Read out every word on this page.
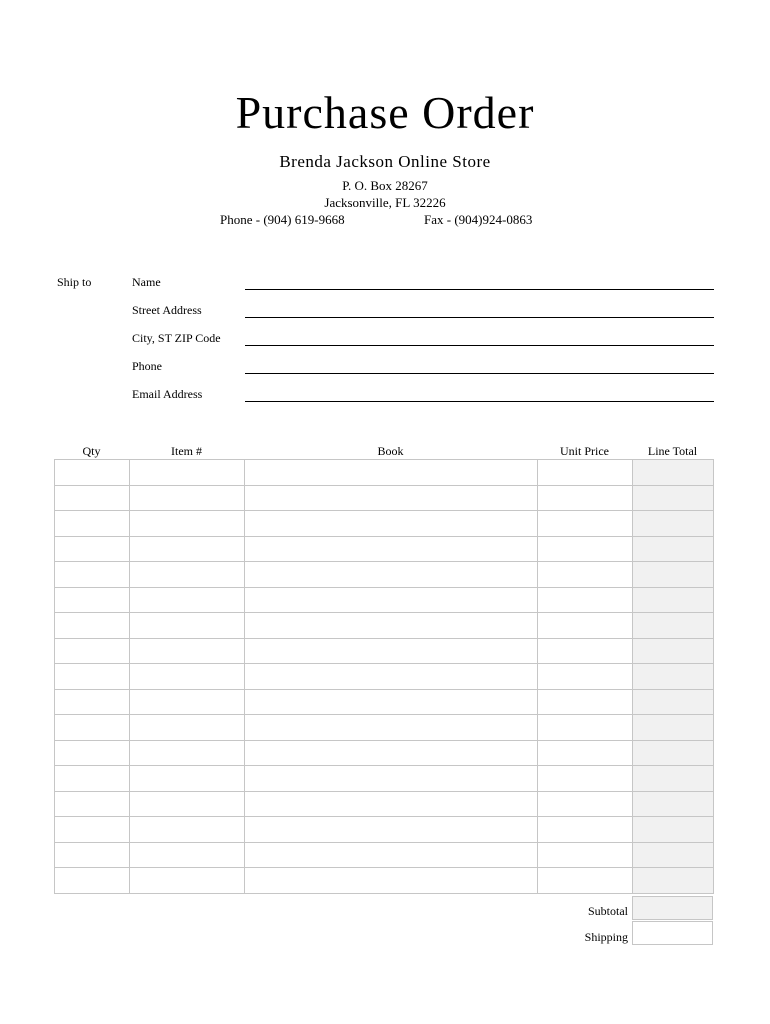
Purchase Order
Brenda Jackson Online Store
P. O. Box 28267
Jacksonville, FL 32226
Phone - (904) 619-9668	Fax - (904)924-0863
Ship to	Name
Street Address
City, ST ZIP Code
Phone
Email Address
Qty	Item #	Book	Unit Price	Line Total

Subtotal
Shipping
